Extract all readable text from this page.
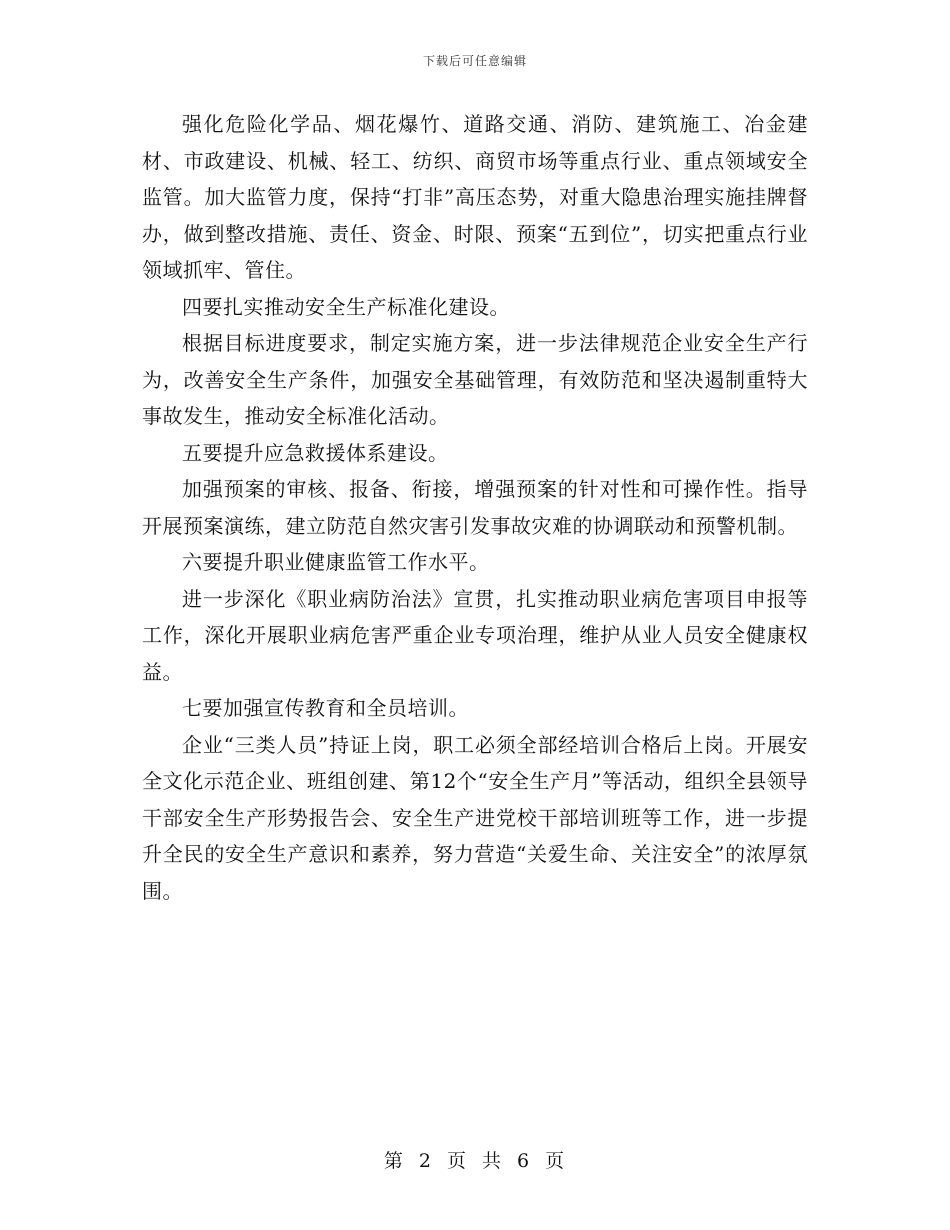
下载后可任意编辑

强化危险化学品、烟花爆竹、道路交通、消防、建筑施工、冶金建材、市政建设、机械、轻工、纺织、商贸市场等重点行业、重点领域安全监管。加大监管力度，保持“打非”高压态势，对重大隐患治理实施挂牌督办，做到整改措施、责任、资金、时限、预案“五到位”，切实把重点行业领域抓牢、管住。

四要扎实推动安全生产标准化建设。

根据目标进度要求，制定实施方案，进一步法律规范企业安全生产行为，改善安全生产条件，加强安全基础管理，有效防范和坚决遏制重特大事故发生，推动安全标准化活动。

五要提升应急救援体系建设。

加强预案的审核、报备、衔接，增强预案的针对性和可操作性。指导开展预案演练，建立防范自然灾害引发事故灾难的协调联动和预警机制。

六要提升职业健康监管工作水平。

进一步深化《职业病防治法》宣贯，扎实推动职业病危害项目申报等工作，深化开展职业病危害严重企业专项治理，维护从业人员安全健康权益。

七要加强宣传教育和全员培训。

企业“三类人员”持证上岗，职工必须全部经培训合格后上岗。开展安全文化示范企业、班组创建、第12个“安全生产月”等活动，组织全县领导干部安全生产形势报告会、安全生产进党校干部培训班等工作，进一步提升全民的安全生产意识和素养，努力营造“关爱生命、关注安全”的浓厚氛围。

第 2 页 共 6 页
